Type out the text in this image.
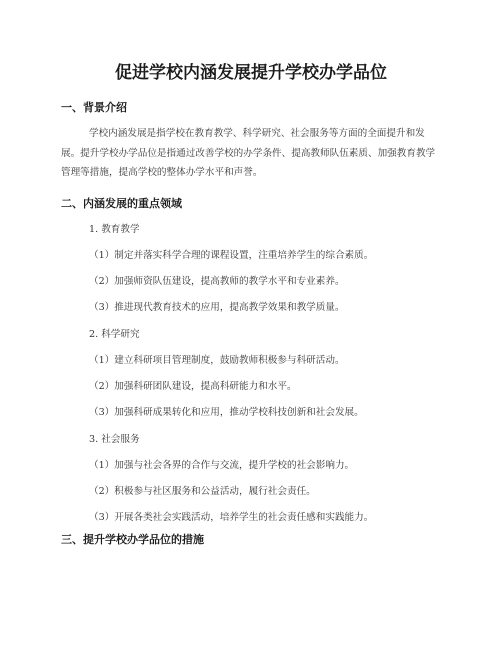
促进学校内涵发展提升学校办学品位
一、背景介绍

学校内涵发展是指学校在教育教学、科学研究、社会服务等方面的全面提升和发展。提升学校办学品位是指通过改善学校的办学条件、提高教师队伍素质、加强教育教学管理等措施，提高学校的整体办学水平和声誉。

二、内涵发展的重点领域

1. 教育教学

（1）制定并落实科学合理的课程设置，注重培养学生的综合素质。

（2）加强师资队伍建设，提高教师的教学水平和专业素养。

（3）推进现代教育技术的应用，提高教学效果和教学质量。

2. 科学研究

（1）建立科研项目管理制度，鼓励教师积极参与科研活动。

（2）加强科研团队建设，提高科研能力和水平。

（3）加强科研成果转化和应用，推动学校科技创新和社会发展。

3. 社会服务

（1）加强与社会各界的合作与交流，提升学校的社会影响力。

（2）积极参与社区服务和公益活动，履行社会责任。

（3）开展各类社会实践活动，培养学生的社会责任感和实践能力。

三、提升学校办学品位的措施
